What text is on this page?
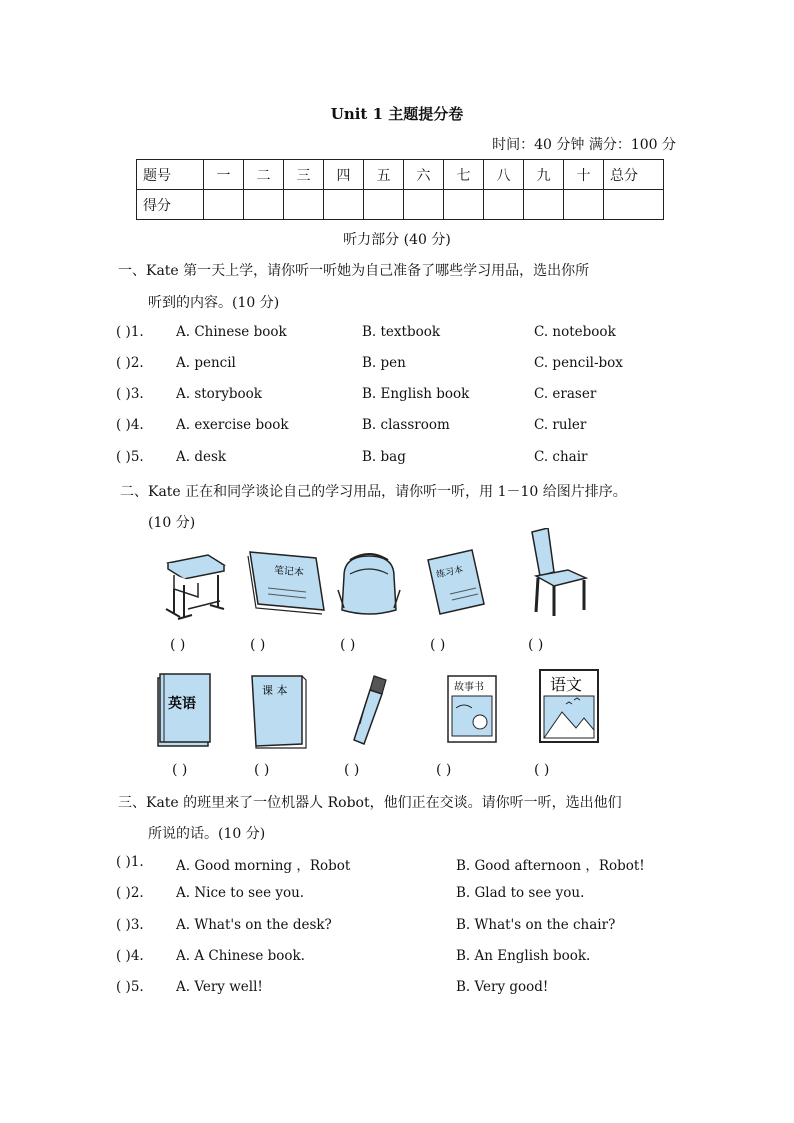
Unit 1 主题提分卷
时间：40 分钟 满分：100 分
题号	一	二	三	四	五	六	七	八	九	十	总分
得分											
听力部分 (40 分)
一、Kate 第一天上学，请你听一听她为自己准备了哪些学习用品，选出你所
听到的内容。(10 分)
( )1. A. Chinese book	B. textbook	C. notebook
( )2. A. pencil	B. pen	C. pencil-box
( )3. A. storybook	B. English book	C. eraser
( )4. A. exercise book	B. classroom	C. ruler
( )5. A. desk	B. bag	C. chair
二、Kate 正在和同学谈论自己的学习用品，请你听一听，用 1－10 给图片排序。
(10 分)
笔记本	练习本
( )	( )	( )	( )	( )
英语
课 本	故事书	语文
( )	( )	( )	( )	( )
三、Kate 的班里来了一位机器人 Robot，他们正在交谈。请你听一听，选出他们
所说的话。(10 分)
( )1. A. Good morning ，Robot	B. Good afternoon ，Robot!
( )2. A. Nice to see you.	B. Glad to see you.
( )3. A. What's on the desk?	B. What's on the chair?
( )4. A. A Chinese book.	B. An English book.
( )5. A. Very well!	B. Very good!
